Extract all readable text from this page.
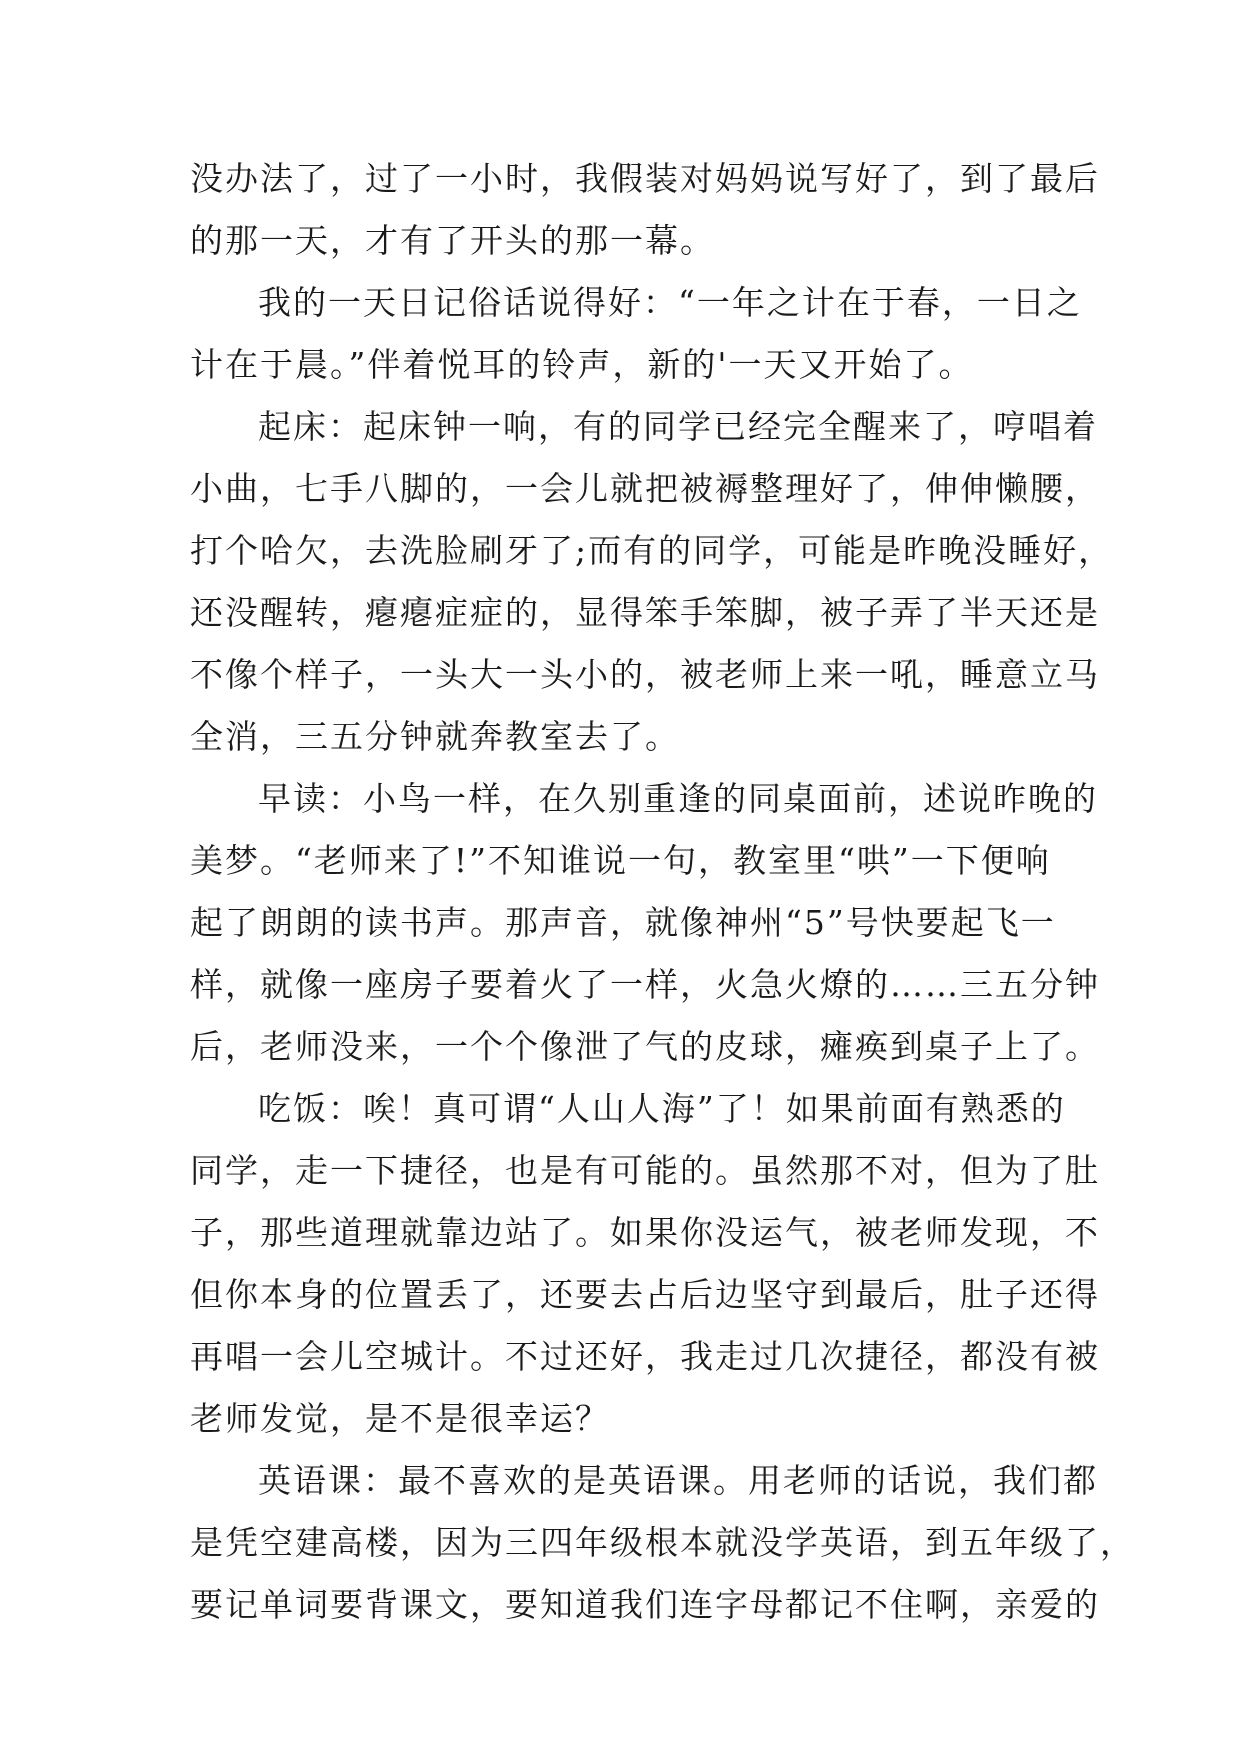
没办法了，过了一小时，我假装对妈妈说写好了，到了最后
的那一天，才有了开头的那一幕。
我的一天日记俗话说得好：“一年之计在于春，一日之
计在于晨。”伴着悦耳的铃声，新的'一天又开始了。
起床：起床钟一响，有的同学已经完全醒来了，哼唱着
小曲，七手八脚的，一会儿就把被褥整理好了，伸伸懒腰，
打个哈欠，去洗脸刷牙了;而有的同学，可能是昨晚没睡好，
还没醒转，瘪瘪症症的，显得笨手笨脚，被子弄了半天还是
不像个样子，一头大一头小的，被老师上来一吼，睡意立马
全消，三五分钟就奔教室去了。
早读：小鸟一样，在久别重逢的同桌面前，述说昨晚的
美梦。“老师来了!”不知谁说一句，教室里“哄”一下便响
起了朗朗的读书声。那声音，就像神州“5”号快要起飞一
样，就像一座房子要着火了一样，火急火燎的……三五分钟
后，老师没来，一个个像泄了气的皮球，瘫痪到桌子上了。
吃饭：唉！真可谓“人山人海”了！如果前面有熟悉的
同学，走一下捷径，也是有可能的。虽然那不对，但为了肚
子，那些道理就靠边站了。如果你没运气，被老师发现，不
但你本身的位置丢了，还要去占后边坚守到最后，肚子还得
再唱一会儿空城计。不过还好，我走过几次捷径，都没有被
老师发觉，是不是很幸运？
英语课：最不喜欢的是英语课。用老师的话说，我们都
是凭空建高楼，因为三四年级根本就没学英语，到五年级了，
要记单词要背课文，要知道我们连字母都记不住啊，亲爱的
